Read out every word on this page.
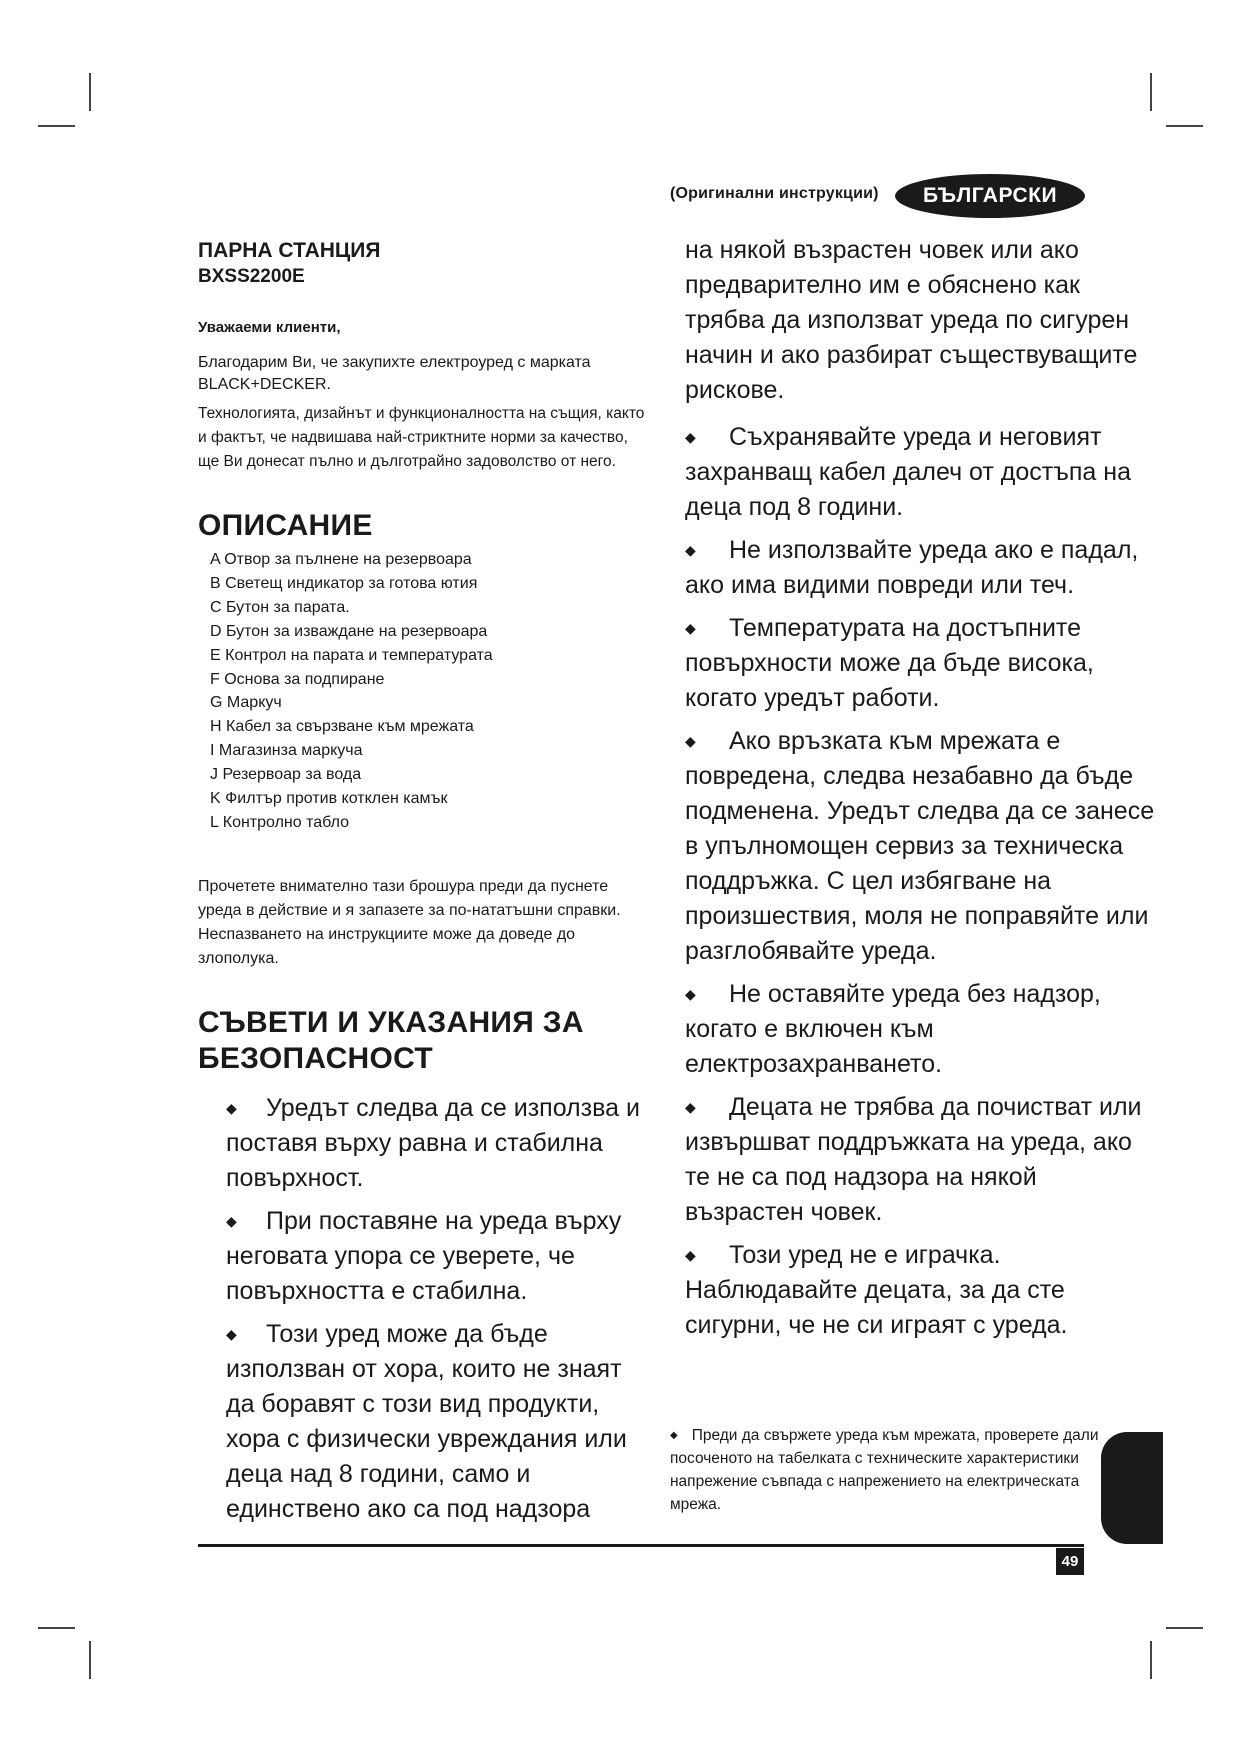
(Оригинални инструкции) БЪЛГАРСКИ
ПАРНА СТАНЦИЯ
BXSS2200E

Уважаеми клиенти,

Благодарим Ви, че закупихте електроуред с марката BLACK+DECKER.

Технологията, дизайнът и функционалността на същия, както и фактът, че надвишава най-стриктните норми за качество, ще Ви донесат пълно и дълготрайно задоволство от него.

ОПИСАНИЕ
A Отвор за пълнене на резервоара
B Светещ индикатор за готова ютия
C Бутон за парата.
D Бутон за изваждане на резервоара
E Контрол на парата и температурата
F Основа за подпиране
G Маркуч
H Кабел за свързване към мрежата
I Магазинза маркуча
J Резервоар за вода
K Филтър против котклен камък
L Контролно табло

Прочетете внимателно тази брошура преди да пуснете уреда в действие и я запазете за по-нататъшни справки. Неспазването на инструкциите може да доведе до злополука.

СЪВЕТИ И УКАЗАНИЯ ЗА БЕЗОПАСНОСТ
◆ Уредът следва да се използва и поставя върху равна и стабилна повърхност.
◆ При поставяне на уреда върху неговата упора се уверете, че повърхността е стабилна.
◆ Този уред може да бъде използван от хора, които не знаят да боравят с този вид продукти, хора с физически увреждания или деца над 8 години, само и единствено ако са под надзора
на някой възрастен човек или ако предварително им е обяснено как трябва да използват уреда по сигурен начин и ако разбират съществуващите рискове.
◆ Съхранявайте уреда и неговият захранващ кабел далеч от достъпа на деца под 8 години.
◆ Не използвайте уреда ако е падал, ако има видими повреди или теч.
◆ Температурата на достъпните повърхности може да бъде висока, когато уредът работи.
◆ Ако връзката към мрежата е повредена, следва незабавно да бъде подменена. Уредът следва да се занесе в упълномощен сервиз за техническа поддръжка. С цел избягване на произшествия, моля не поправяйте или разглобявайте уреда.
◆ Не оставяйте уреда без надзор, когато е включен към електрозахранването.
◆ Децата не трябва да почистват или извършват поддръжката на уреда, ако те не са под надзора на някой възрастен човек.
◆ Този уред не е играчка. Наблюдавайте децата, за да сте сигурни, че не си играят с уреда.

◆ Преди да свържете уреда към мрежата, проверете дали посоченото на табелката с техническите характеристики напрежение съвпада с напрежението на електрическата мрежа.

49
